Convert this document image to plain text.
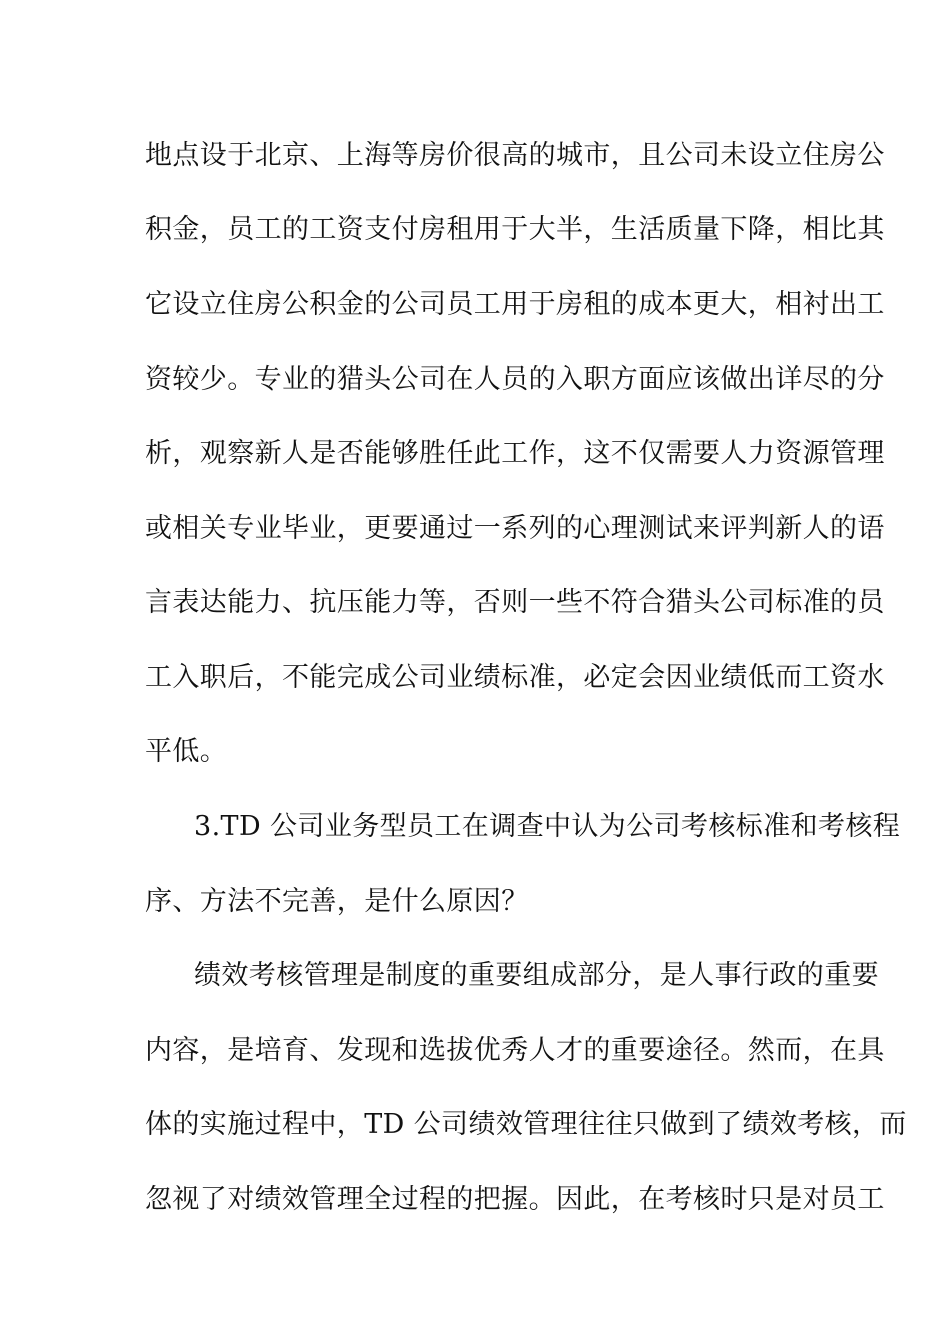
地点设于北京、上海等房价很高的城市，且公司未设立住房公
积金，员工的工资支付房租用于大半，生活质量下降，相比其
它设立住房公积金的公司员工用于房租的成本更大，相衬出工
资较少。专业的猎头公司在人员的入职方面应该做出详尽的分
析，观察新人是否能够胜任此工作，这不仅需要人力资源管理
或相关专业毕业，更要通过一系列的心理测试来评判新人的语
言表达能力、抗压能力等，否则一些不符合猎头公司标准的员
工入职后，不能完成公司业绩标准，必定会因业绩低而工资水
平低。
3.TD 公司业务型员工在调查中认为公司考核标准和考核程
序、方法不完善，是什么原因？
绩效考核管理是制度的重要组成部分，是人事行政的重要
内容，是培育、发现和选拔优秀人才的重要途径。然而，在具
体的实施过程中，TD 公司绩效管理往往只做到了绩效考核，而
忽视了对绩效管理全过程的把握。因此，在考核时只是对员工
